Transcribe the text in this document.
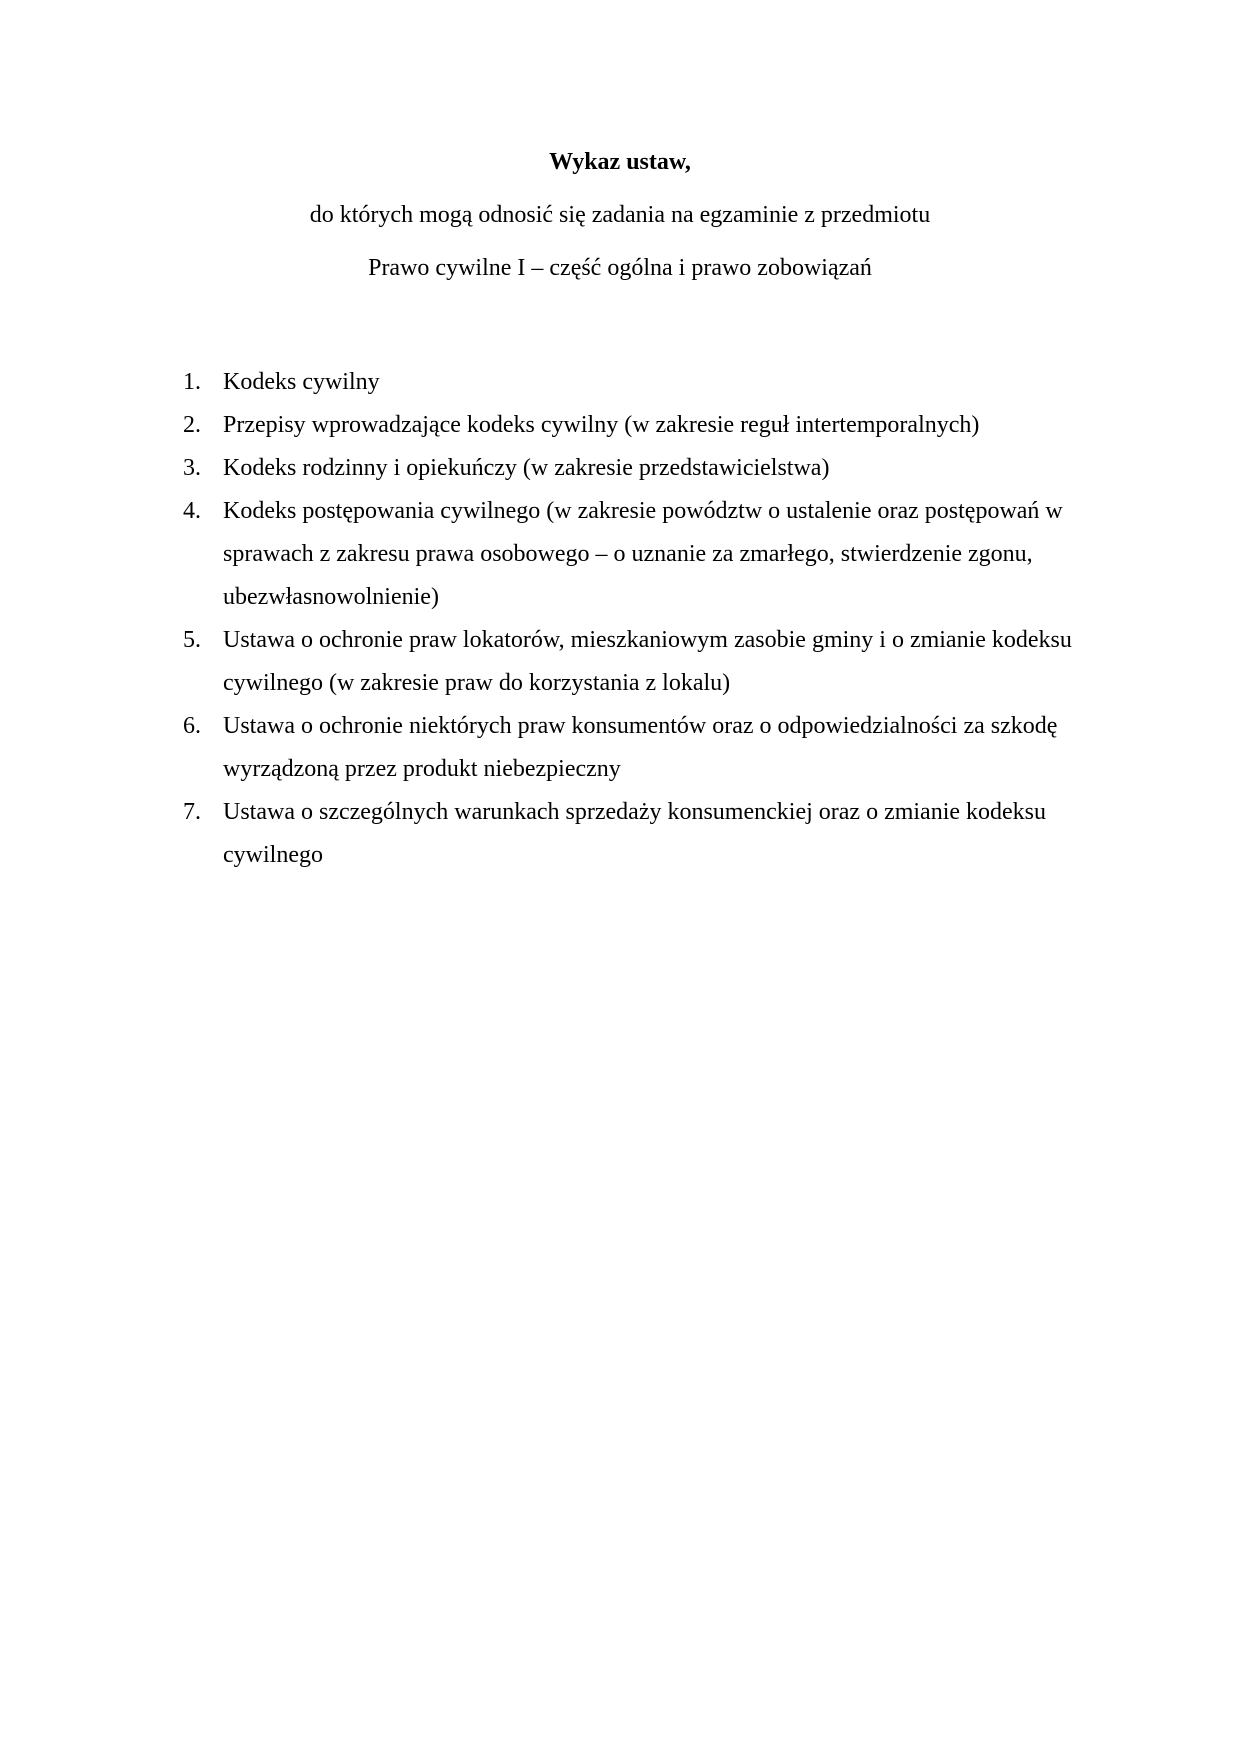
Wykaz ustaw,
do których mogą odnosić się zadania na egzaminie z przedmiotu
Prawo cywilne I – część ogólna i prawo zobowiązań
1. Kodeks cywilny
2. Przepisy wprowadzające kodeks cywilny (w zakresie reguł intertemporalnych)
3. Kodeks rodzinny i opiekuńczy (w zakresie przedstawicielstwa)
4. Kodeks postępowania cywilnego (w zakresie powództw o ustalenie oraz postępowań w sprawach z zakresu prawa osobowego – o uznanie za zmarłego, stwierdzenie zgonu, ubezwłasnowolnienie)
5. Ustawa o ochronie praw lokatorów, mieszkaniowym zasobie gminy i o zmianie kodeksu cywilnego (w zakresie praw do korzystania z lokalu)
6. Ustawa o ochronie niektórych praw konsumentów oraz o odpowiedzialności za szkodę wyrządzoną przez produkt niebezpieczny
7. Ustawa o szczególnych warunkach sprzedaży konsumenckiej oraz o zmianie kodeksu cywilnego
